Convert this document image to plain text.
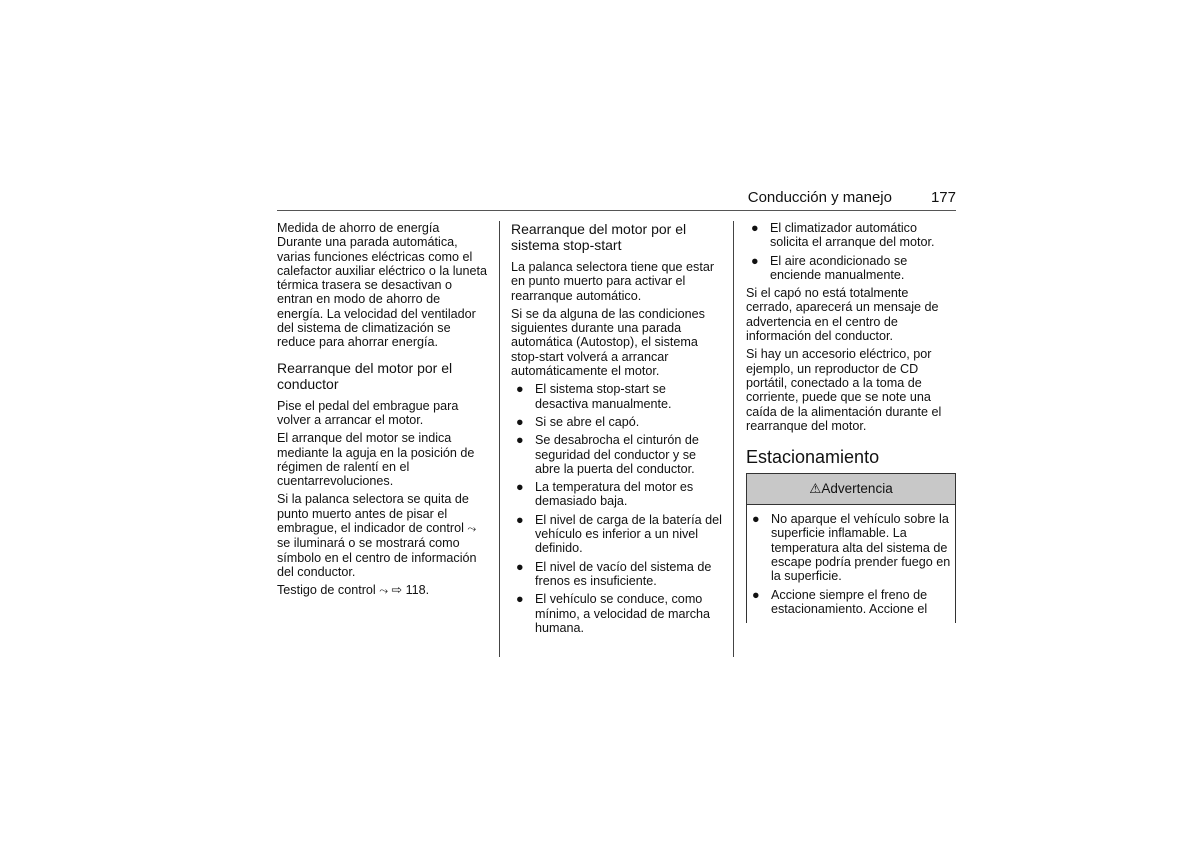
Conducción y manejo	177

Medida de ahorro de energía

Durante una parada automática, varias funciones eléctricas como el calefactor auxiliar eléctrico o la luneta térmica trasera se desactivan o entran en modo de ahorro de energía. La velocidad del ventilador del sistema de climatización se reduce para ahorrar energía.

Rearranque del motor por el conductor

Pise el pedal del embrague para volver a arrancar el motor.

El arranque del motor se indica mediante la aguja en la posición de régimen de ralentí en el cuentarrevoluciones.

Si la palanca selectora se quita de punto muerto antes de pisar el embrague, el indicador de control ⤳ se iluminará o se mostrará como símbolo en el centro de información del conductor.

Testigo de control ⤳ ⇨ 118.

Rearranque del motor por el sistema stop-start

La palanca selectora tiene que estar en punto muerto para activar el rearranque automático.

Si se da alguna de las condiciones siguientes durante una parada automática (Autostop), el sistema stop-start volverá a arrancar automáticamente el motor.

● El sistema stop-start se desactiva manualmente.
● Si se abre el capó.
● Se desabrocha el cinturón de seguridad del conductor y se abre la puerta del conductor.
● La temperatura del motor es demasiado baja.
● El nivel de carga de la batería del vehículo es inferior a un nivel definido.
● El nivel de vacío del sistema de frenos es insuficiente.
● El vehículo se conduce, como mínimo, a velocidad de marcha humana.
● El climatizador automático solicita el arranque del motor.
● El aire acondicionado se enciende manualmente.

Si el capó no está totalmente cerrado, aparecerá un mensaje de advertencia en el centro de información del conductor.

Si hay un accesorio eléctrico, por ejemplo, un reproductor de CD portátil, conectado a la toma de corriente, puede que se note una caída de la alimentación durante el rearranque del motor.

Estacionamiento
⚠Advertencia
● No aparque el vehículo sobre la superficie inflamable. La temperatura alta del sistema de escape podría prender fuego en la superficie.
● Accione siempre el freno de estacionamiento. Accione el
